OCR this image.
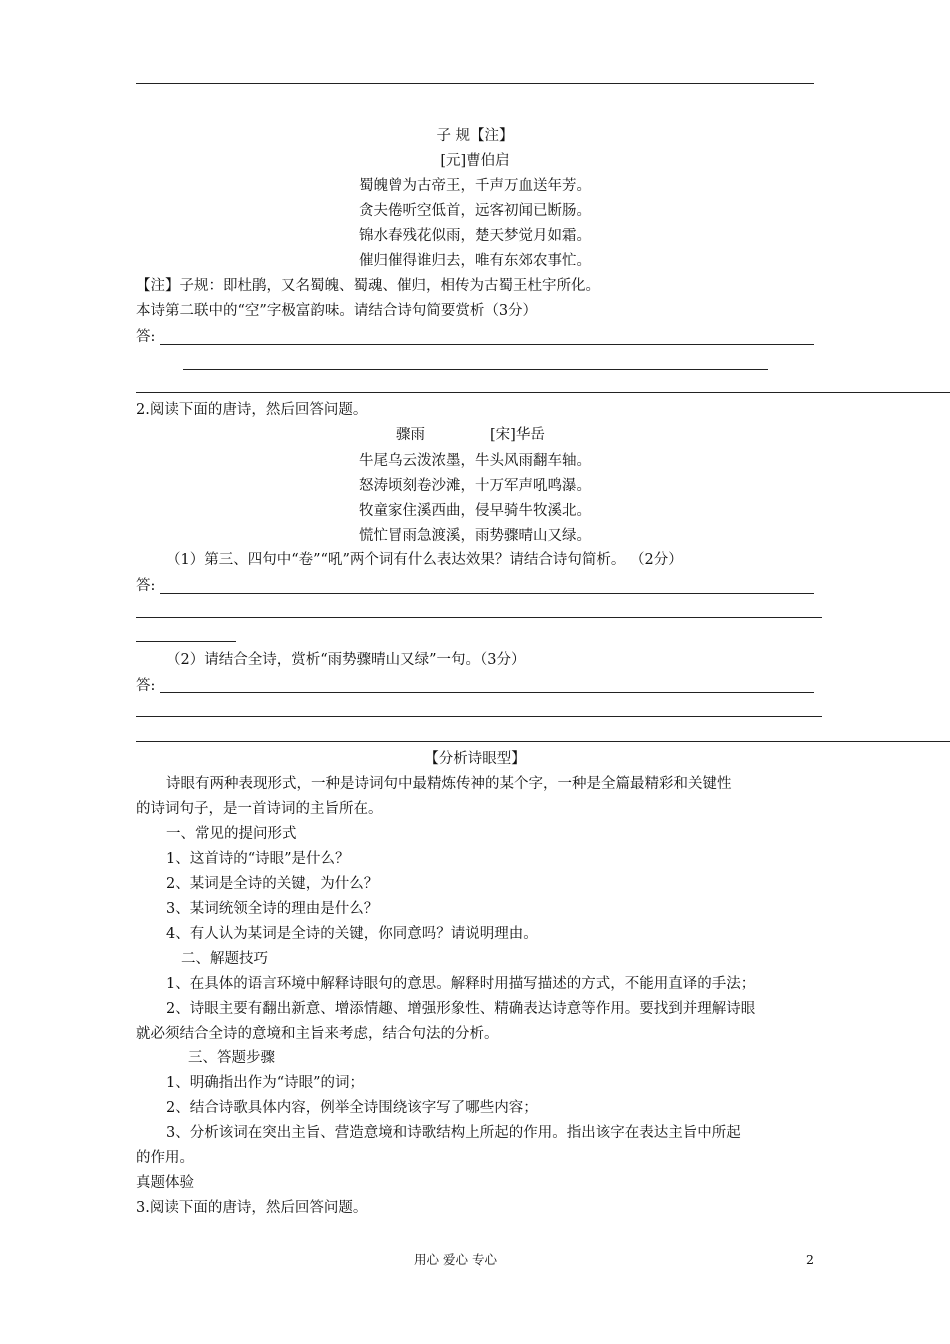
子 规【注】
[元]曹伯启
蜀魄曾为古帝王，千声万血送年芳。
贪夫倦听空低首，远客初闻已断肠。
锦水春残花似雨，楚天梦觉月如霜。
催归催得谁归去，唯有东郊农事忙。
【注】子规：即杜鹃，又名蜀魄、蜀魂、催归，相传为古蜀王杜宇所化。
本诗第二联中的“空”字极富韵味。请结合诗句简要赏析（3分）
答:
2.阅读下面的唐诗，然后回答问题。
骤雨	[宋]华岳
牛尾乌云泼浓墨，牛头风雨翻车轴。
怒涛顷刻卷沙滩，十万军声吼鸣瀑。
牧童家住溪西曲，侵早骑牛牧溪北。
慌忙冒雨急渡溪，雨势骤晴山又绿。
（1）第三、四句中“卷”“吼”两个词有什么表达效果？请结合诗句简析。 （2分）
答:
（2）请结合全诗，赏析“雨势骤晴山又绿”一句。（3分）
答:
【分析诗眼型】
诗眼有两种表现形式，一种是诗词句中最精炼传神的某个字，一种是全篇最精彩和关键性
的诗词句子，是一首诗词的主旨所在。
一、常见的提问形式
1、这首诗的“诗眼”是什么？
2、某词是全诗的关键，为什么？
3、某词统领全诗的理由是什么？
4、有人认为某词是全诗的关键，你同意吗？请说明理由。
二、解题技巧
1、在具体的语言环境中解释诗眼句的意思。解释时用描写描述的方式，不能用直译的手法；
2、诗眼主要有翻出新意、增添情趣、增强形象性、精确表达诗意等作用。要找到并理解诗眼
就必须结合全诗的意境和主旨来考虑，结合句法的分析。
三、答题步骤
1、明确指出作为“诗眼”的词；
2、结合诗歌具体内容，例举全诗围绕该字写了哪些内容；
3、分析该词在突出主旨、营造意境和诗歌结构上所起的作用。指出该字在表达主旨中所起
的作用。
真题体验
3.阅读下面的唐诗，然后回答问题。
用心 爱心 专心	2
